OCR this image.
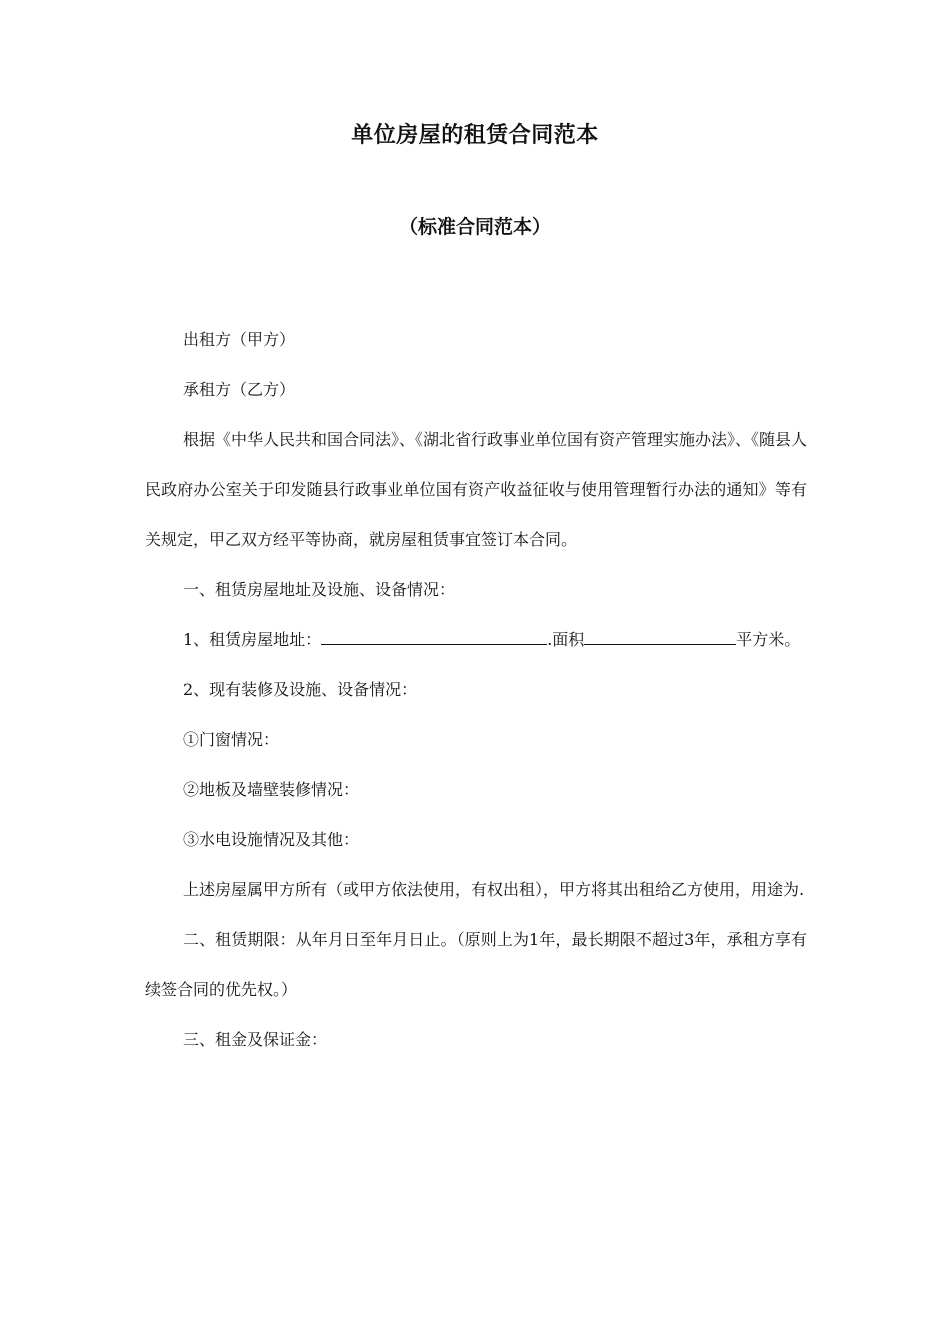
单位房屋的租赁合同范本
（标准合同范本）

出租方（甲方）

承租方（乙方）

根据《中华人民共和国合同法》、《湖北省行政事业单位国有资产管理实施办法》、《随县人民政府办公室关于印发随县行政事业单位国有资产收益征收与使用管理暂行办法的通知》等有关规定，甲乙双方经平等协商，就房屋租赁事宜签订本合同。

一、租赁房屋地址及设施、设备情况：

1、租赁房屋地址：	.面积	平方米。

2、现有装修及设施、设备情况：

①门窗情况：

②地板及墙壁装修情况：

③水电设施情况及其他：

上述房屋属甲方所有（或甲方依法使用，有权出租），甲方将其出租给乙方使用，用途为.

二、租赁期限：从年月日至年月日止。（原则上为1年，最长期限不超过3年，承租方享有续签合同的优先权。）

三、租金及保证金：
